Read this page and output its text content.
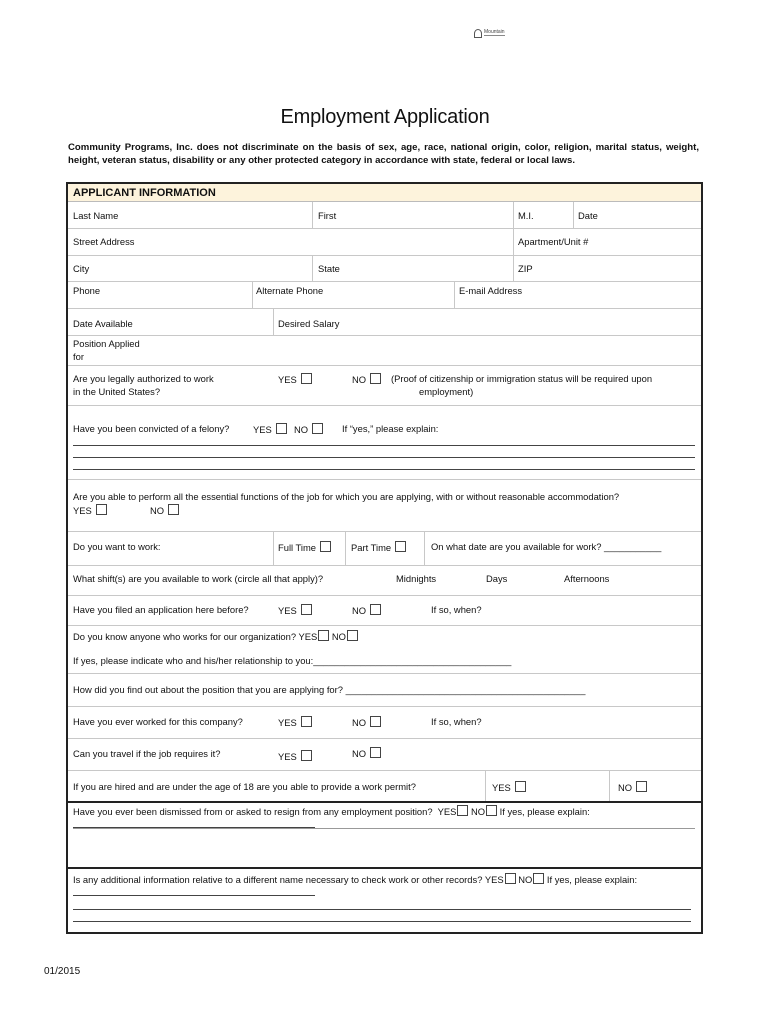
Mountain
Employment Application
Community Programs, Inc. does not discriminate on the basis of sex, age, race, national origin, color, religion, marital status, weight, height, veteran status, disability or any other protected category in accordance with state, federal or local laws.
APPLICANT INFORMATION
Last Name	First	M.I.	Date
Street Address	Apartment/Unit #
City	State	ZIP
Phone	Alternate Phone	E-mail Address
Date Available	Desired Salary
Position Applied
for
Are you legally authorized to work
in the United States?
YES	NO	(Proof of citizenship or immigration status will be required upon
employment)
Have you been convicted of a felony?	YES	NO	If “yes,” please explain:
Are you able to perform all the essential functions of the job for which you are applying, with or without reasonable accommodation?
YES	NO
Do you want to work:	Full Time	Part Time	On what date are you available for work? ___________
What shift(s) are you available to work (circle all that apply)?	Midnights	Days	Afternoons
Have you filed an application here before?	YES	NO	If so, when?
Do you know anyone who works for our organization? YES NO
If yes, please indicate who and his/her relationship to you:______________________________________
How did you find out about the position that you are applying for? ______________________________________________
Have you ever worked for this company?	YES	NO	If so, when?
Can you travel if the job requires it?	YES	NO
If you are hired and are under the age of 18 are you able to provide a work permit?	YES	NO
Have you ever been dismissed from or asked to resign from any employment position? YES NO If yes, please explain:
Is any additional information relative to a different name necessary to check work or other records? YES NO If yes, please explain:
01/2015
